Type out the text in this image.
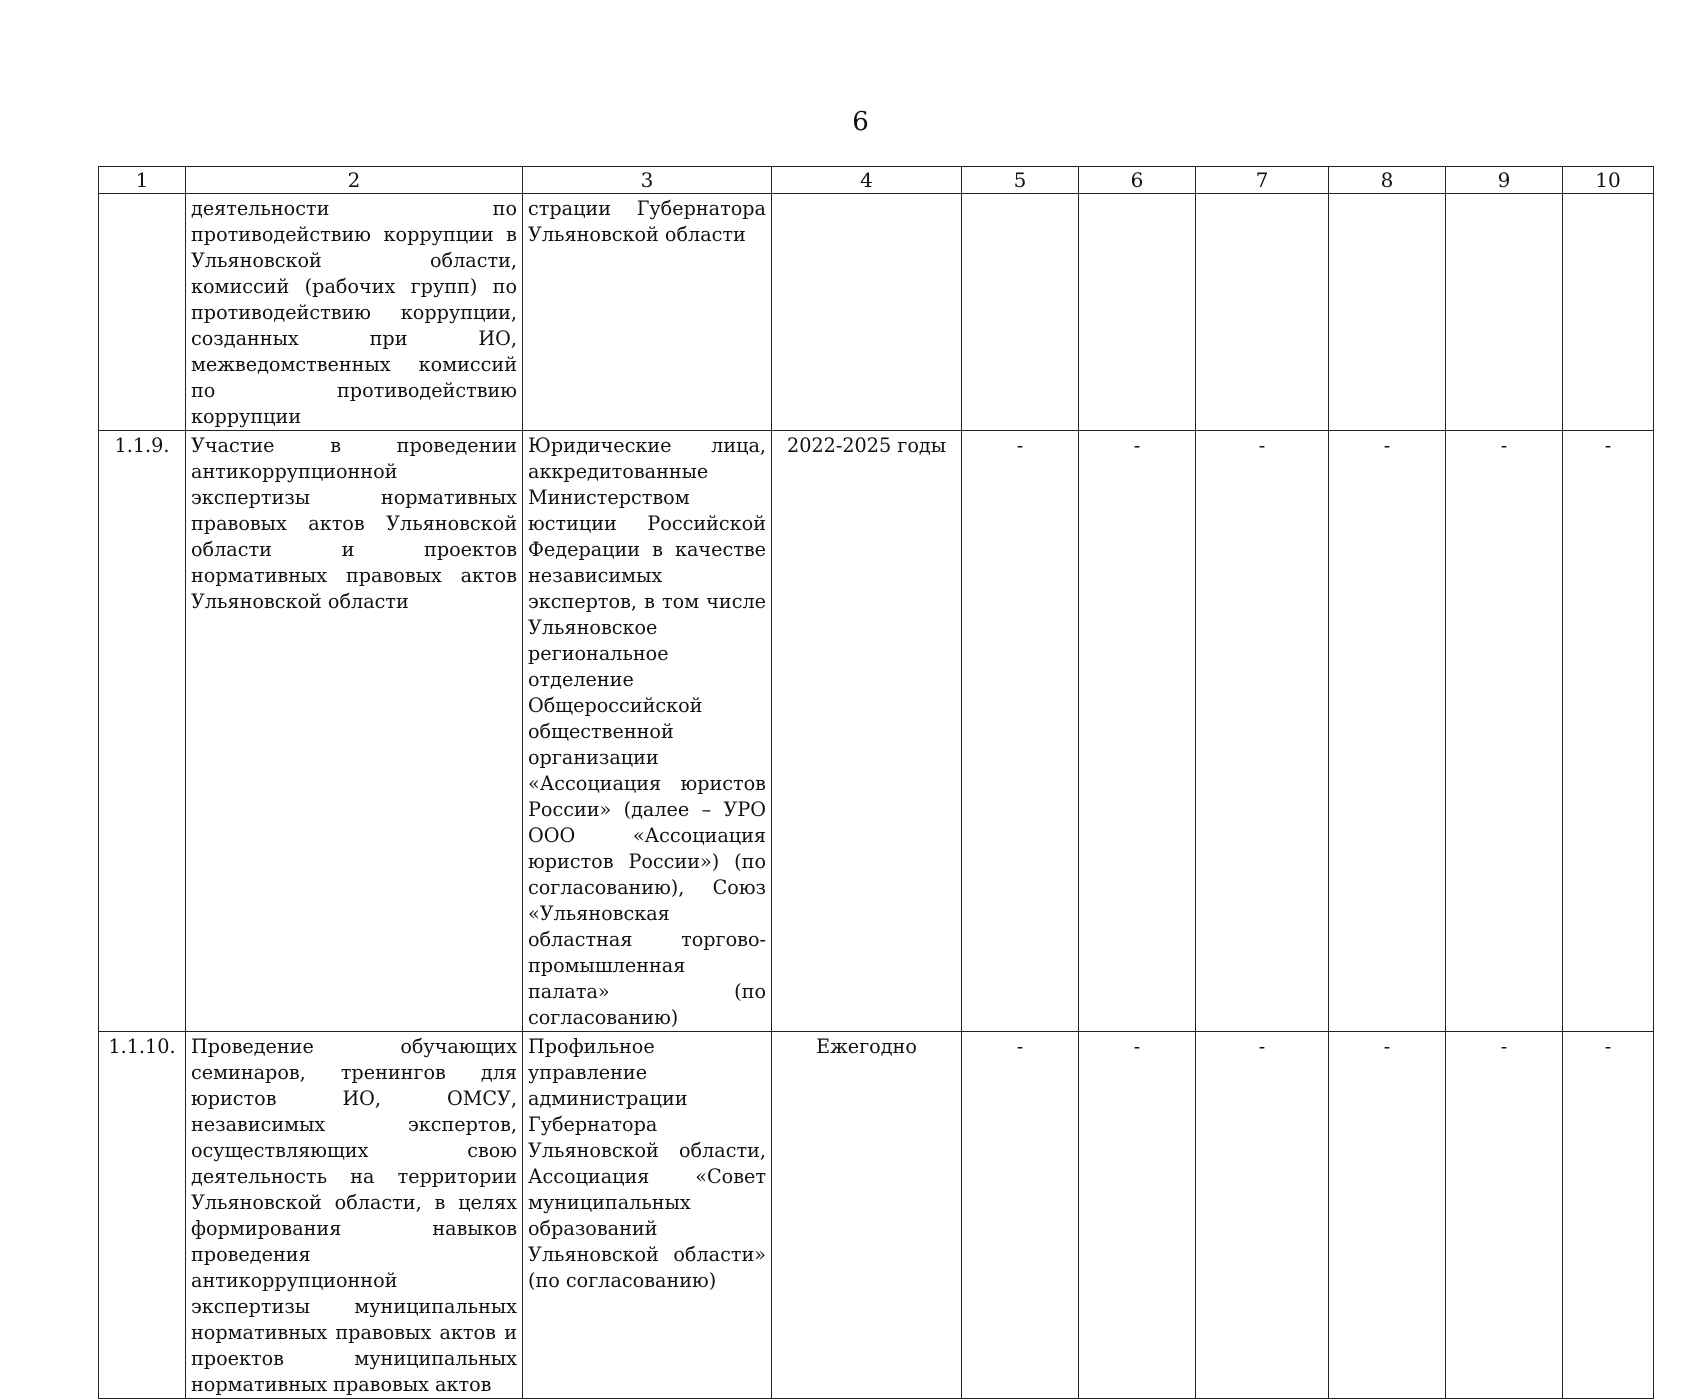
6
1	2	3	4	5	6	7	8	9	10
	деятельности по противодействию коррупции в Ульяновской области, комиссий (рабочих групп) по противодействию коррупции, созданных при ИО, межведомственных комиссий по противодействию коррупции	страции Губернатора Ульяновской области							
1.1.9.	Участие в проведении антикоррупционной экспертизы нормативных правовых актов Ульяновской области и проектов нормативных правовых актов Ульяновской области	Юридические лица, аккредитованные Министерством юстиции Российской Федерации в качестве независимых экспертов, в том числе Ульяновское региональное отделение Общероссийской общественной организации «Ассоциация юристов России» (далее – УРО ООО «Ассоциация юристов России») (по согласованию), Союз «Ульяновская областная торгово-промышленная палата» (по согласованию)	2022-2025 годы	-	-	-	-	-	-
1.1.10.	Проведение обучающих семинаров, тренингов для юристов ИО, ОМСУ, независимых экспертов, осуществляющих свою деятельность на территории Ульяновской области, в целях формирования навыков проведения антикоррупционной экспертизы муниципальных нормативных правовых актов и проектов муниципальных нормативных правовых актов	Профильное управление администрации Губернатора Ульяновской области, Ассоциация «Совет муниципальных образований Ульяновской области» (по согласованию)	Ежегодно	-	-	-	-	-	-
